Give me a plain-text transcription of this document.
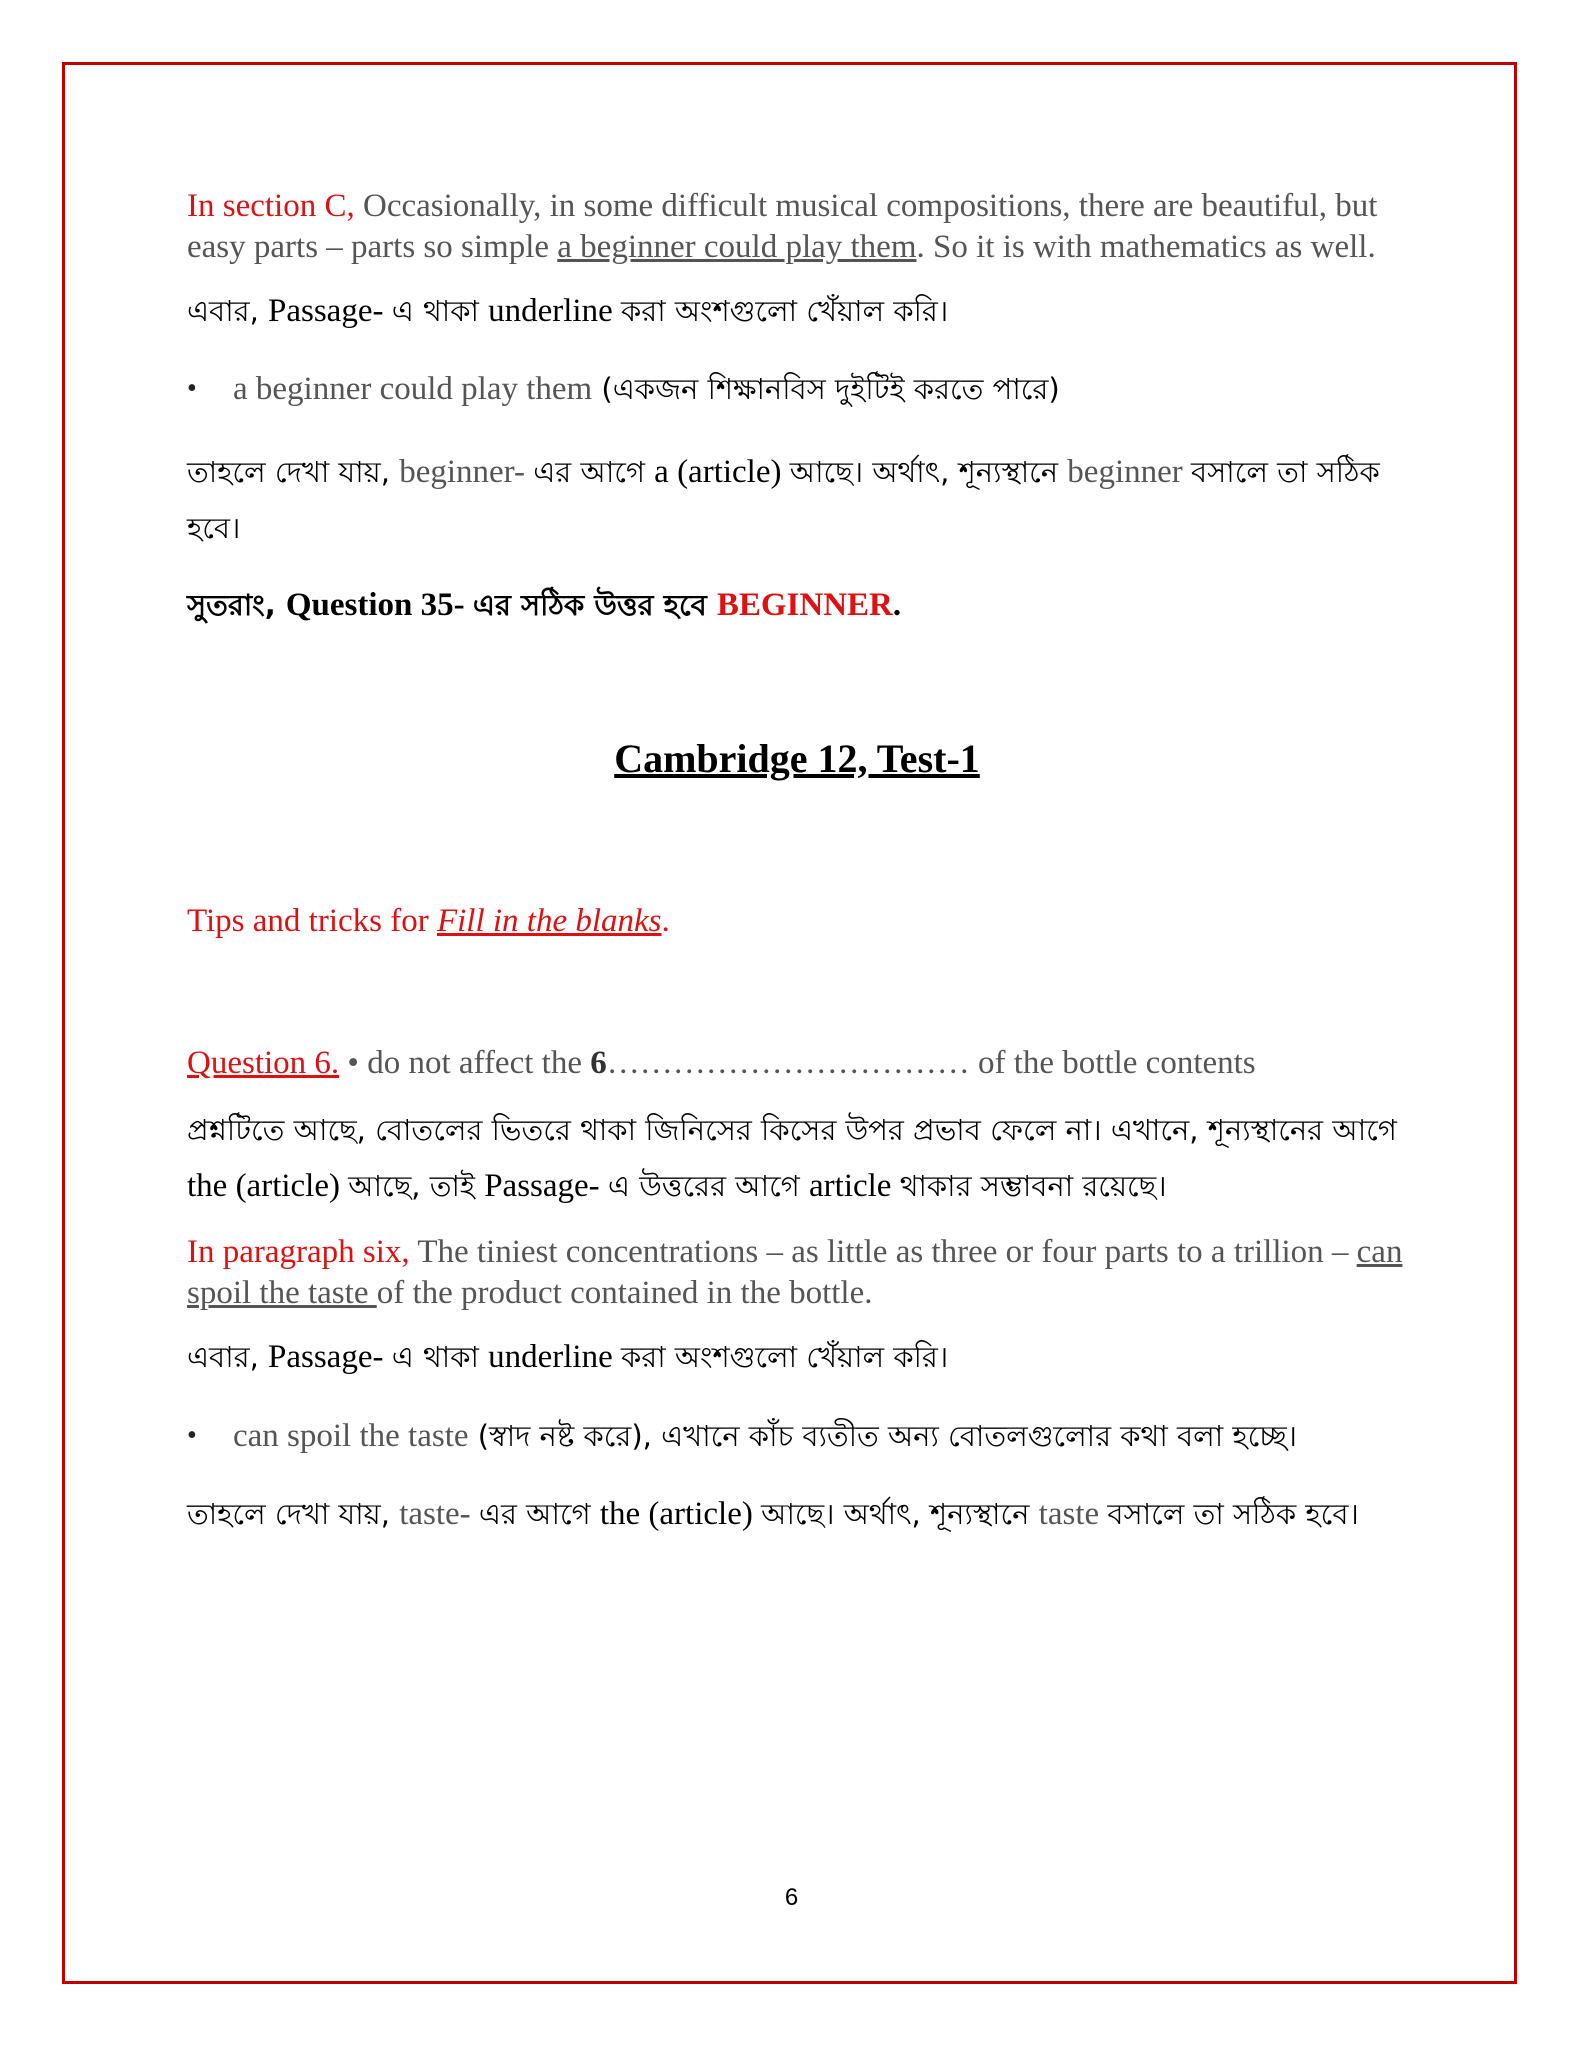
In section C, Occasionally, in some difficult musical compositions, there are beautiful, but easy parts – parts so simple a beginner could play them. So it is with mathematics as well.

এবার, Passage- এ থাকা underline করা অংশগুলো খেঁয়াল করি।

• a beginner could play them (একজন শিক্ষানবিস দুইটিই করতে পারে)

তাহলে দেখা যায়, beginner- এর আগে a (article) আছে। অর্থাৎ, শূন্যস্থানে beginner বসালে তা সঠিক হবে।

সুতরাং, Question 35- এর সঠিক উত্তর হবে BEGINNER.

Cambridge 12, Test-1

Tips and tricks for Fill in the blanks.

Question 6. • do not affect the 6…………………………… of the bottle contents

প্রশ্নটিতে আছে, বোতলের ভিতরে থাকা জিনিসের কিসের উপর প্রভাব ফেলে না। এখানে, শূন্যস্থানের আগে the (article) আছে, তাই Passage- এ উত্তরের আগে article থাকার সম্ভাবনা রয়েছে।

In paragraph six, The tiniest concentrations – as little as three or four parts to a trillion – can spoil the taste of the product contained in the bottle.

এবার, Passage- এ থাকা underline করা অংশগুলো খেঁয়াল করি।

• can spoil the taste (স্বাদ নষ্ট করে), এখানে কাঁচ ব্যতীত অন্য বোতলগুলোর কথা বলা হচ্ছে।

তাহলে দেখা যায়, taste- এর আগে the (article) আছে। অর্থাৎ, শূন্যস্থানে taste বসালে তা সঠিক হবে।

6
